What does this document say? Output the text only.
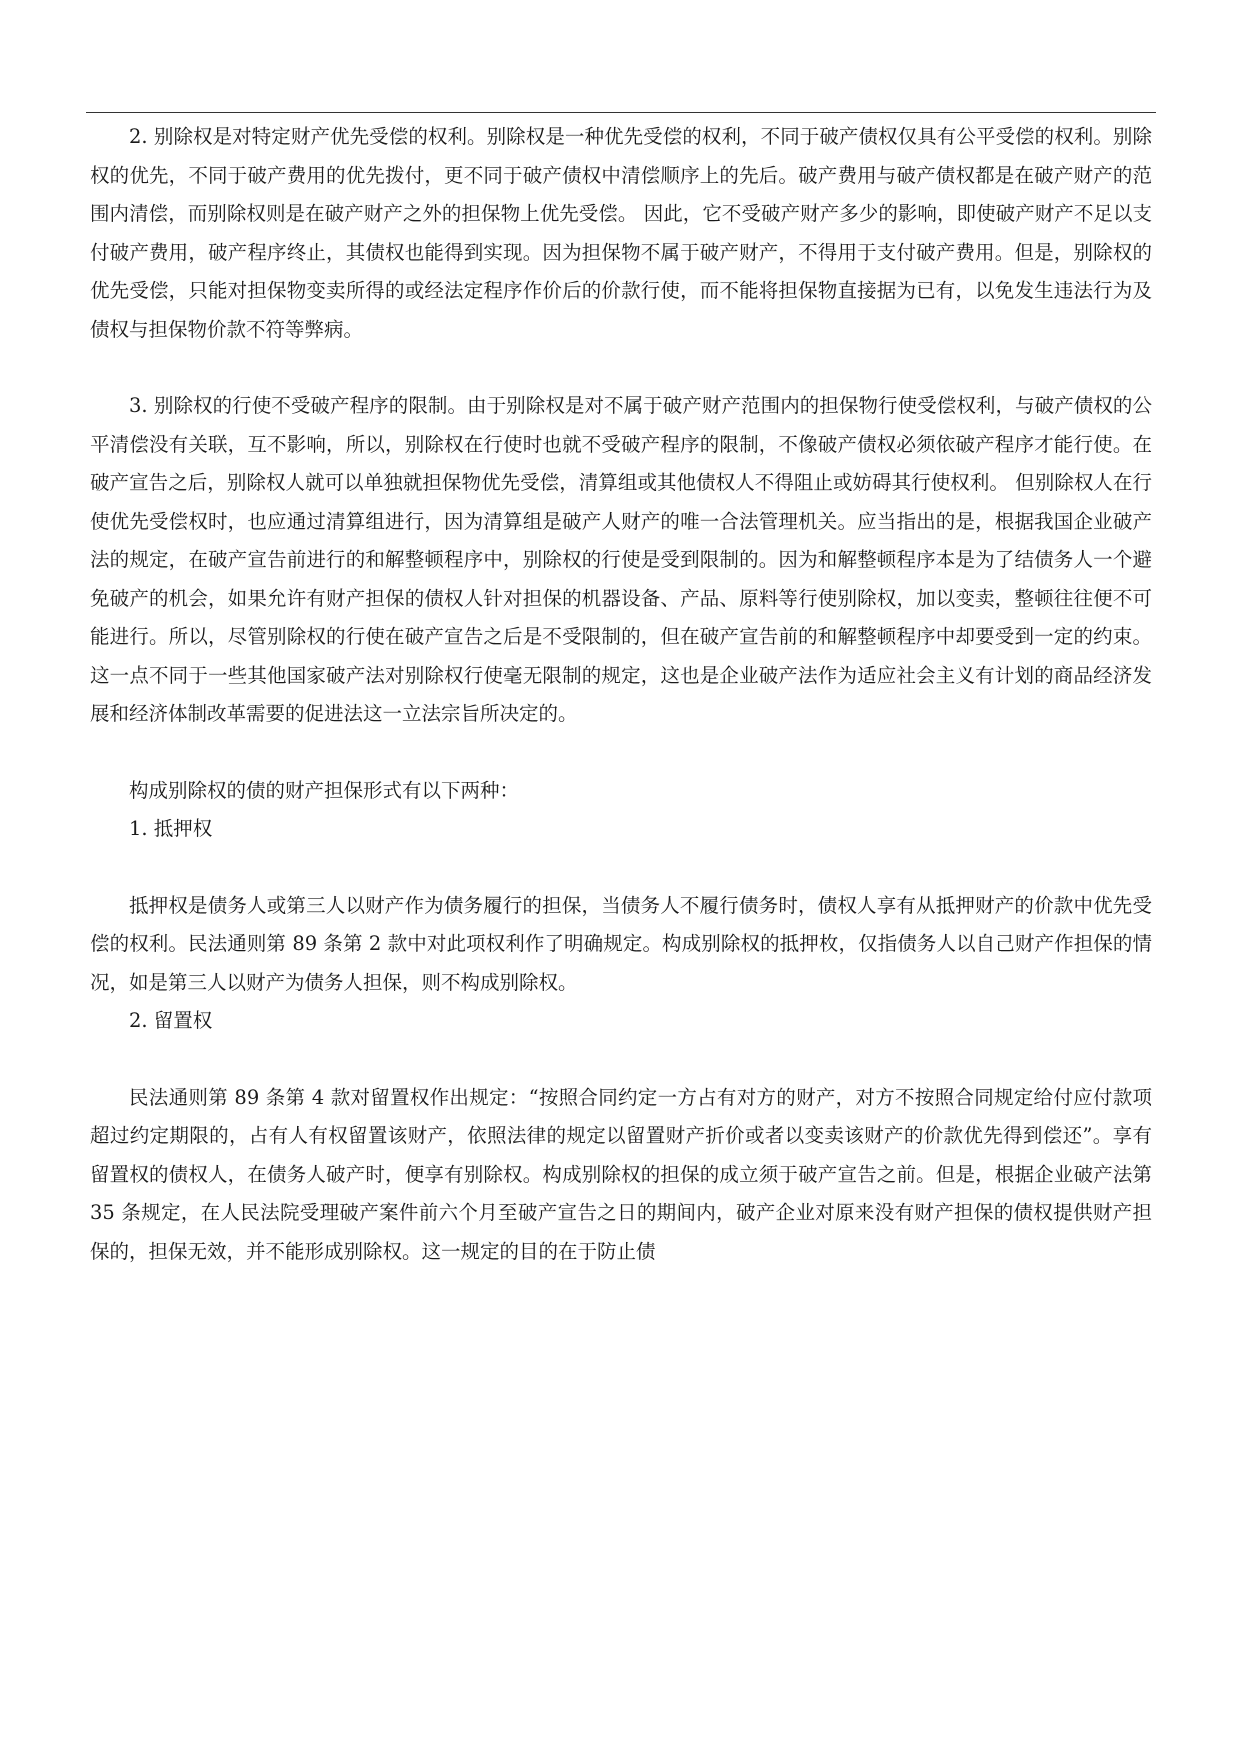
2. 别除权是对特定财产优先受偿的权利。别除权是一种优先受偿的权利，不同于破产债权仅具有公平受偿的权利。别除权的优先，不同于破产费用的优先拨付，更不同于破产债权中清偿顺序上的先后。破产费用与破产债权都是在破产财产的范围内清偿，而别除权则是在破产财产之外的担保物上优先受偿。 因此，它不受破产财产多少的影响，即使破产财产不足以支付破产费用，破产程序终止，其债权也能得到实现。因为担保物不属于破产财产，不得用于支付破产费用。但是，别除权的优先受偿，只能对担保物变卖所得的或经法定程序作价后的价款行使，而不能将担保物直接据为已有，以免发生违法行为及债权与担保物价款不符等弊病。

3. 别除权的行使不受破产程序的限制。由于别除权是对不属于破产财产范围内的担保物行使受偿权利，与破产债权的公平清偿没有关联，互不影响，所以，别除权在行使时也就不受破产程序的限制，不像破产债权必须依破产程序才能行使。在破产宣告之后，别除权人就可以单独就担保物优先受偿，清算组或其他债权人不得阻止或妨碍其行使权利。 但别除权人在行使优先受偿权时，也应通过清算组进行，因为清算组是破产人财产的唯一合法管理机关。应当指出的是，根据我国企业破产法的规定，在破产宣告前进行的和解整顿程序中，别除权的行使是受到限制的。因为和解整顿程序本是为了结债务人一个避免破产的机会，如果允许有财产担保的债权人针对担保的机器设备、产品、原料等行使别除权，加以变卖，整顿往往便不可能进行。所以，尽管别除权的行使在破产宣告之后是不受限制的，但在破产宣告前的和解整顿程序中却要受到一定的约束。这一点不同于一些其他国家破产法对别除权行使毫无限制的规定，这也是企业破产法作为适应社会主义有计划的商品经济发展和经济体制改革需要的促进法这一立法宗旨所决定的。

构成别除权的债的财产担保形式有以下两种：

1. 抵押权

抵押权是债务人或第三人以财产作为债务履行的担保，当债务人不履行债务时，债权人享有从抵押财产的价款中优先受偿的权利。民法通则第 89 条第 2 款中对此项权利作了明确规定。构成别除权的抵押枚，仅指债务人以自己财产作担保的情况，如是第三人以财产为债务人担保，则不构成别除权。

2. 留置权

民法通则第 89 条第 4 款对留置权作出规定：“按照合同约定一方占有对方的财产，对方不按照合同规定给付应付款项超过约定期限的，占有人有权留置该财产，依照法律的规定以留置财产折价或者以变卖该财产的价款优先得到偿还”。享有留置权的债权人，在债务人破产时，便享有别除权。构成别除权的担保的成立须于破产宣告之前。但是，根据企业破产法第 35 条规定，在人民法院受理破产案件前六个月至破产宣告之日的期间内，破产企业对原来没有财产担保的债权提供财产担保的，担保无效，并不能形成别除权。这一规定的目的在于防止债
